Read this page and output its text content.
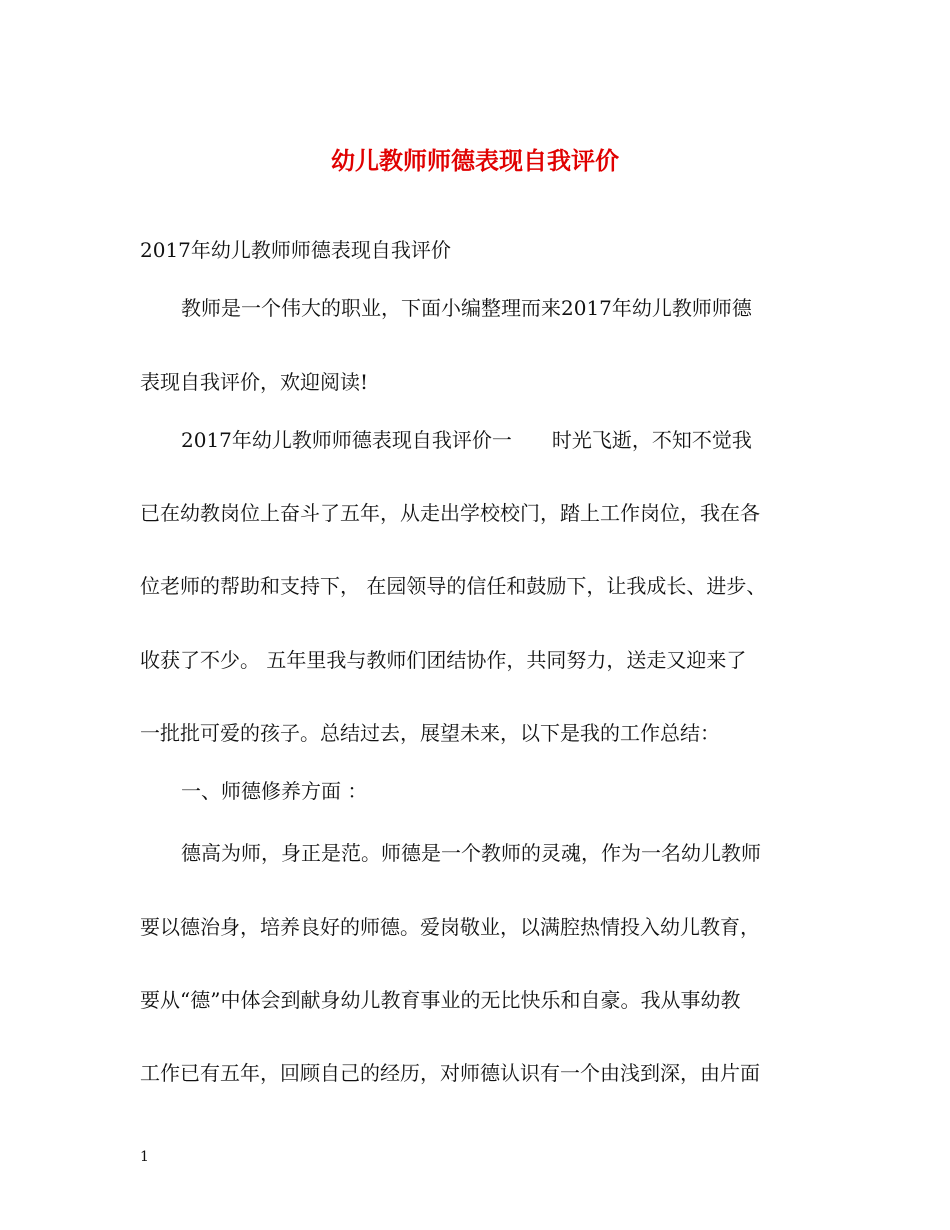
幼儿教师师德表现自我评价
2017年幼儿教师师德表现自我评价
教师是一个伟大的职业，下面小编整理而来2017年幼儿教师师德
表现自我评价，欢迎阅读!
2017年幼儿教师师德表现自我评价一　　时光飞逝，不知不觉我
已在幼教岗位上奋斗了五年，从走出学校校门，踏上工作岗位，我在各
位老师的帮助和支持下， 在园领导的信任和鼓励下，让我成长、进步、
收获了不少。 五年里我与教师们团结协作，共同努力，送走又迎来了
一批批可爱的孩子。总结过去，展望未来，以下是我的工作总结：
一、师德修养方面 ：
德高为师，身正是范。师德是一个教师的灵魂，作为一名幼儿教师
要以德治身，培养良好的师德。爱岗敬业，以满腔热情投入幼儿教育，
要从“德”中体会到献身幼儿教育事业的无比快乐和自豪。我从事幼教
工作已有五年，回顾自己的经历，对师德认识有一个由浅到深，由片面
1
